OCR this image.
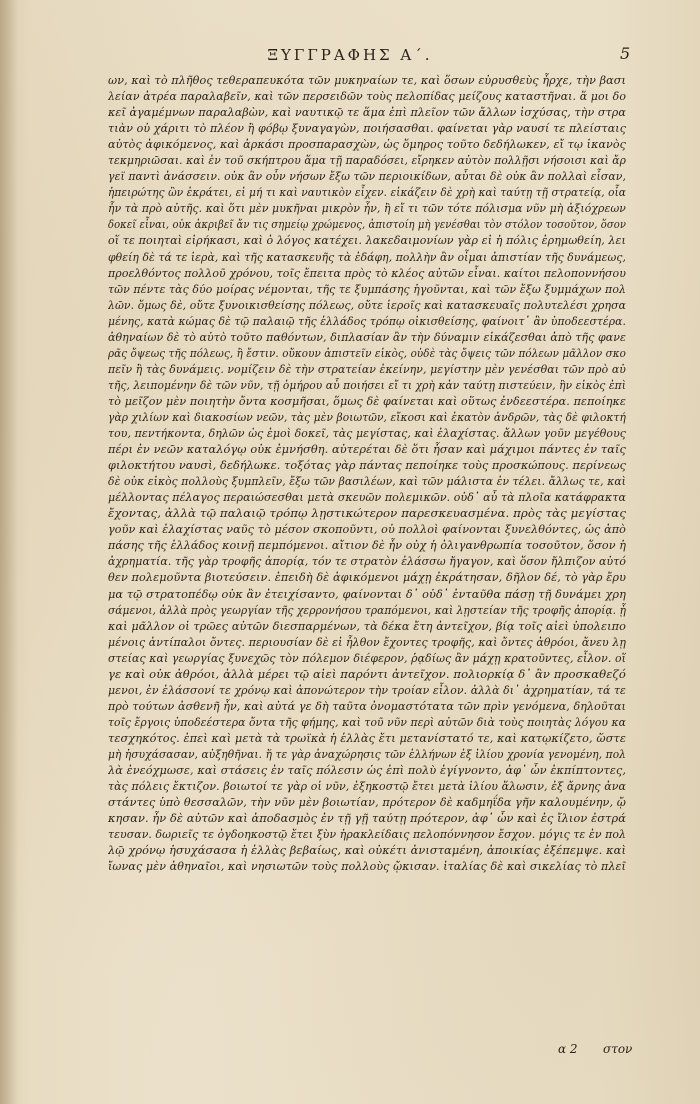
ΞΥΓΓΡΑΦΗΣ Α΄.	5
ων, καὶ τὸ πλῆθος τεθεραπευκότα τῶν μυκηναίων τε, καὶ ὅσων εὐρυσθεὺς ἦρχε, τὴν βασι
λείαν ἀτρέα παραλαβεῖν, καὶ τῶν περσειδῶν τοὺς πελοπίδας μείζους καταστῆναι. ἅ μοι δο
κεῖ ἀγαμέμνων παραλαβὼν, καὶ ναυτικῷ τε ἅμα ἐπὶ πλεῖον τῶν ἄλλων ἰσχύσας, τὴν στρα
τιὰν οὐ χάριτι τὸ πλέον ἢ φόβῳ ξυναγαγὼν, ποιήσασθαι. φαίνεται γὰρ ναυσί τε πλείσταις
αὐτὸς ἀφικόμενος, καὶ ἀρκάσι προσπαρασχὼν, ὡς ὅμηρος τοῦτο δεδήλωκεν, εἴ τῳ ἱκανὸς
τεκμηριῶσαι. καὶ ἐν τοῦ σκήπτρου ἅμα τῇ παραδόσει, εἴρηκεν αὐτὸν πολλῇσι νήσοισι καὶ ἄρ
γεϊ παντὶ ἀνάσσειν. οὐκ ἂν οὖν νήσων ἔξω τῶν περιοικίδων, αὗται δὲ οὐκ ἂν πολλαὶ εἶσαν,
ἠπειρώτης ὢν ἐκράτει, εἰ μή τι καὶ ναυτικὸν εἶχεν. εἰκάζειν δὲ χρὴ καὶ ταύτῃ τῇ στρατείᾳ, οἷα
ἦν τὰ πρὸ αὐτῆς. καὶ ὅτι μὲν μυκῆναι μικρὸν ἦν, ἢ εἴ τι τῶν τότε πόλισμα νῦν μὴ ἀξιόχρεων
δοκεῖ εἶναι, οὐκ ἀκριβεῖ ἄν τις σημείῳ χρώμενος, ἀπιστοίη μὴ γενέσθαι τὸν στόλον τοσοῦτον, ὅσον
οἵ τε ποιηταὶ εἰρήκασι, καὶ ὁ λόγος κατέχει. λακεδαιμονίων γὰρ εἰ ἡ πόλις ἐρημωθείη, λει
φθείη δὲ τά τε ἱερὰ, καὶ τῆς κατασκευῆς τὰ ἐδάφη, πολλὴν ἂν οἶμαι ἀπιστίαν τῆς δυνάμεως,
προελθόντος πολλοῦ χρόνου, τοῖς ἔπειτα πρὸς τὸ κλέος αὐτῶν εἶναι. καίτοι πελοποννήσου
τῶν πέντε τὰς δύο μοίρας νέμονται, τῆς τε ξυμπάσης ἡγοῦνται, καὶ τῶν ἔξω ξυμμάχων πολ
λῶν. ὅμως δὲ, οὔτε ξυνοικισθείσης πόλεως, οὔτε ἱεροῖς καὶ κατασκευαῖς πολυτελέσι χρησα
μένης, κατὰ κώμας δὲ τῷ παλαιῷ τῆς ἑλλάδος τρόπῳ οἰκισθείσης, φαίνοιτ᾽ ἂν ὑποδεεστέρα.
ἀθηναίων δὲ τὸ αὐτὸ τοῦτο παθόντων, διπλασίαν ἂν τὴν δύναμιν εἰκάζεσθαι ἀπὸ τῆς φανε
ρᾶς ὄψεως τῆς πόλεως, ἢ ἔστιν. οὔκουν ἀπιστεῖν εἰκὸς, οὐδὲ τὰς ὄψεις τῶν πόλεων μᾶλλον σκο
πεῖν ἢ τὰς δυνάμεις. νομίζειν δὲ τὴν στρατείαν ἐκείνην, μεγίστην μὲν γενέσθαι τῶν πρὸ αὐ
τῆς, λειπομένην δὲ τῶν νῦν, τῇ ὁμήρου αὖ ποιήσει εἴ τι χρὴ κἀν ταύτῃ πιστεύειν, ἣν εἰκὸς ἐπὶ
τὸ μεῖζον μὲν ποιητὴν ὄντα κοσμῆσαι, ὅμως δὲ φαίνεται καὶ οὕτως ἐνδεεστέρα. πεποίηκε
γὰρ χιλίων καὶ διακοσίων νεῶν, τὰς μὲν βοιωτῶν, εἴκοσι καὶ ἑκατὸν ἀνδρῶν, τὰς δὲ φιλοκτή
του, πεντήκοντα, δηλῶν ὡς ἐμοὶ δοκεῖ, τὰς μεγίστας, καὶ ἐλαχίστας. ἄλλων γοῦν μεγέθους
πέρι ἐν νεῶν καταλόγῳ οὐκ ἐμνήσθη. αὐτερέται δὲ ὅτι ἦσαν καὶ μάχιμοι πάντες ἐν ταῖς
φιλοκτήτου ναυσὶ, δεδήλωκε. τοξότας γὰρ πάντας πεποίηκε τοὺς προσκώπους. περίνεως
δὲ οὐκ εἰκὸς πολλοὺς ξυμπλεῖν, ἔξω τῶν βασιλέων, καὶ τῶν μάλιστα ἐν τέλει. ἄλλως τε, καὶ
μέλλοντας πέλαγος περαιώσεσθαι μετὰ σκευῶν πολεμικῶν. οὐδ᾽ αὖ τὰ πλοῖα κατάφρακτα
ἔχοντας, ἀλλὰ τῷ παλαιῷ τρόπῳ λῃστικώτερον παρεσκευασμένα. πρὸς τὰς μεγίστας
γοῦν καὶ ἐλαχίστας ναῦς τὸ μέσον σκοποῦντι, οὐ πολλοὶ φαίνονται ξυνελθόντες, ὡς ἀπὸ
πάσης τῆς ἑλλάδος κοινῇ πεμπόμενοι. αἴτιον δὲ ἦν οὐχ ἡ ὀλιγανθρωπία τοσοῦτον, ὅσον ἡ
ἀχρηματία. τῆς γὰρ τροφῆς ἀπορίᾳ, τόν τε στρατὸν ἐλάσσω ἤγαγον, καὶ ὅσον ἤλπιζον αὐτό
θεν πολεμοῦντα βιοτεύσειν. ἐπειδὴ δὲ ἀφικόμενοι μάχῃ ἐκράτησαν, δῆλον δέ, τὸ γὰρ ἔρυ
μα τῷ στρατοπέδῳ οὐκ ἂν ἐτειχίσαντο, φαίνονται δ᾽ οὐδ᾽ ἐνταῦθα πάσῃ τῇ δυνάμει χρη
σάμενοι, ἀλλὰ πρὸς γεωργίαν τῆς χερρονήσου τραπόμενοι, καὶ λῃστείαν τῆς τροφῆς ἀπορίᾳ. ᾗ
καὶ μᾶλλον οἱ τρῶες αὐτῶν διεσπαρμένων, τὰ δέκα ἔτη ἀντεῖχον, βίᾳ τοῖς αἰεὶ ὑπολειπο
μένοις ἀντίπαλοι ὄντες. περιουσίαν δὲ εἰ ἦλθον ἔχοντες τροφῆς, καὶ ὄντες ἀθρόοι, ἄνευ λῃ
στείας καὶ γεωργίας ξυνεχῶς τὸν πόλεμον διέφερον, ῥᾳδίως ἂν μάχῃ κρατοῦντες, εἷλον. οἵ
γε καὶ οὐκ ἀθρόοι, ἀλλὰ μέρει τῷ αἰεὶ παρόντι ἀντεῖχον. πολιορκίᾳ δ᾽ ἂν προσκαθεζό
μενοι, ἐν ἐλάσσονί τε χρόνῳ καὶ ἀπονώτερον τὴν τροίαν εἷλον. ἀλλὰ δι᾽ ἀχρηματίαν, τά τε
πρὸ τούτων ἀσθενῆ ἦν, καὶ αὐτά γε δὴ ταῦτα ὀνομαστότατα τῶν πρὶν γενόμενα, δηλοῦται
τοῖς ἔργοις ὑποδεέστερα ὄντα τῆς φήμης, καὶ τοῦ νῦν περὶ αὐτῶν διὰ τοὺς ποιητὰς λόγου κα
τεσχηκότος. ἐπεὶ καὶ μετὰ τὰ τρωϊκὰ ἡ ἑλλὰς ἔτι μετανίστατό τε, καὶ κατῳκίζετο, ὥστε
μὴ ἡσυχάσασαν, αὐξηθῆναι. ἥ τε γὰρ ἀναχώρησις τῶν ἑλλήνων ἐξ ἰλίου χρονία γενομένη, πολ
λὰ ἐνεόχμωσε, καὶ στάσεις ἐν ταῖς πόλεσιν ὡς ἐπὶ πολὺ ἐγίγνοντο, ἀφ᾽ ὧν ἐκπίπτοντες,
τὰς πόλεις ἔκτιζον. βοιωτοί τε γὰρ οἱ νῦν, ἑξηκοστῷ ἔτει μετὰ ἰλίου ἅλωσιν, ἐξ ἄρνης ἀνα
στάντες ὑπὸ θεσσαλῶν, τὴν νῦν μὲν βοιωτίαν, πρότερον δὲ καδμηΐδα γῆν καλουμένην, ᾤ
κησαν. ἦν δὲ αὐτῶν καὶ ἀποδασμὸς ἐν τῇ γῇ ταύτῃ πρότερον, ἀφ᾽ ὧν καὶ ἐς ἴλιον ἐστρά
τευσαν. δωριεῖς τε ὀγδοηκοστῷ ἔτει ξὺν ἡρακλείδαις πελοπόννησον ἔσχον. μόγις τε ἐν πολ
λῷ χρόνῳ ἡσυχάσασα ἡ ἑλλὰς βεβαίως, καὶ οὐκέτι ἀνισταμένη, ἀποικίας ἐξέπεμψε. καὶ
ἴωνας μὲν ἀθηναῖοι, καὶ νησιωτῶν τοὺς πολλοὺς ᾤκισαν. ἰταλίας δὲ καὶ σικελίας τὸ πλεῖ
α 2 στον
